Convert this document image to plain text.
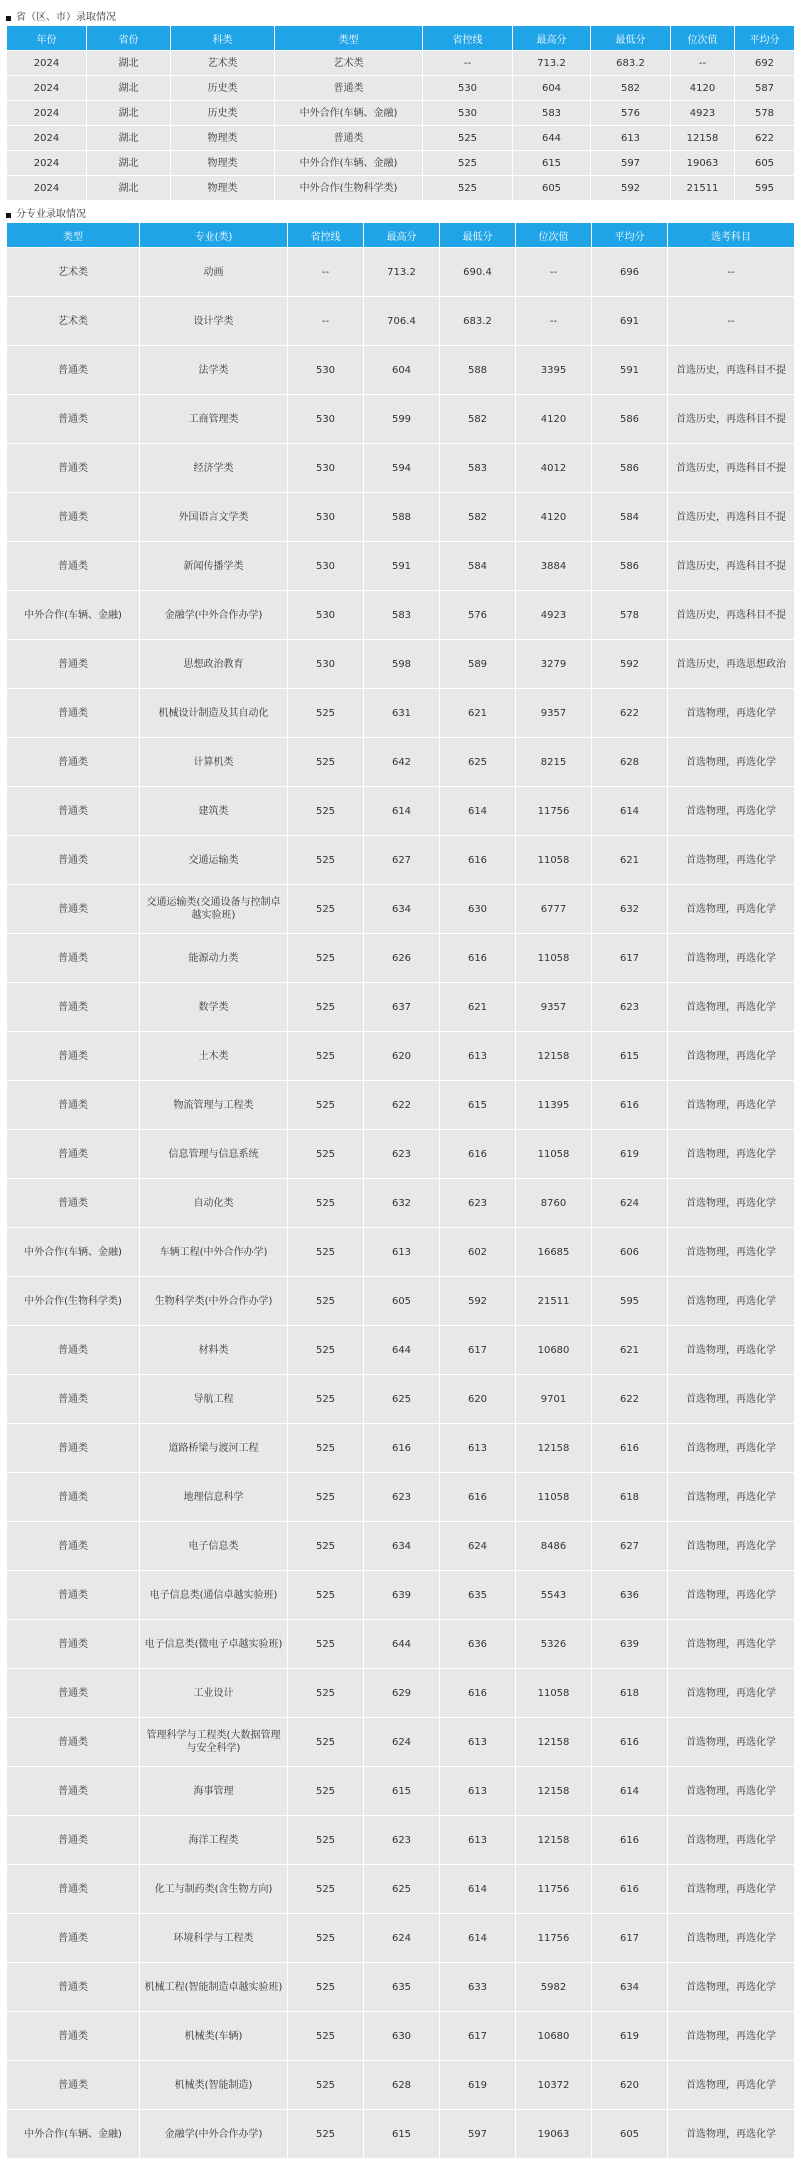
省（区、市）录取情况
年份	省份	科类	类型	省控线	最高分	最低分	位次值	平均分
2024	湖北	艺术类	艺术类	--	713.2	683.2	--	692
2024	湖北	历史类	普通类	530	604	582	4120	587
2024	湖北	历史类	中外合作(车辆、金融)	530	583	576	4923	578
2024	湖北	物理类	普通类	525	644	613	12158	622
2024	湖北	物理类	中外合作(车辆、金融)	525	615	597	19063	605
2024	湖北	物理类	中外合作(生物科学类)	525	605	592	21511	595
分专业录取情况
类型	专业(类)	省控线	最高分	最低分	位次值	平均分	选考科目
艺术类	动画	--	713.2	690.4	--	696	--
艺术类	设计学类	--	706.4	683.2	--	691	--
普通类	法学类	530	604	588	3395	591	首选历史，再选科目不提
普通类	工商管理类	530	599	582	4120	586	首选历史，再选科目不提
普通类	经济学类	530	594	583	4012	586	首选历史，再选科目不提
普通类	外国语言文学类	530	588	582	4120	584	首选历史，再选科目不提
普通类	新闻传播学类	530	591	584	3884	586	首选历史，再选科目不提
中外合作(车辆、金融)	金融学(中外合作办学)	530	583	576	4923	578	首选历史，再选科目不提
普通类	思想政治教育	530	598	589	3279	592	首选历史，再选思想政治
普通类	机械设计制造及其自动化	525	631	621	9357	622	首选物理，再选化学
普通类	计算机类	525	642	625	8215	628	首选物理，再选化学
普通类	建筑类	525	614	614	11756	614	首选物理，再选化学
普通类	交通运输类	525	627	616	11058	621	首选物理，再选化学
普通类	交通运输类(交通设备与控制卓越实验班)	525	634	630	6777	632	首选物理，再选化学
普通类	能源动力类	525	626	616	11058	617	首选物理，再选化学
普通类	数学类	525	637	621	9357	623	首选物理，再选化学
普通类	土木类	525	620	613	12158	615	首选物理，再选化学
普通类	物流管理与工程类	525	622	615	11395	616	首选物理，再选化学
普通类	信息管理与信息系统	525	623	616	11058	619	首选物理，再选化学
普通类	自动化类	525	632	623	8760	624	首选物理，再选化学
中外合作(车辆、金融)	车辆工程(中外合作办学)	525	613	602	16685	606	首选物理，再选化学
中外合作(生物科学类)	生物科学类(中外合作办学)	525	605	592	21511	595	首选物理，再选化学
普通类	材料类	525	644	617	10680	621	首选物理，再选化学
普通类	导航工程	525	625	620	9701	622	首选物理，再选化学
普通类	道路桥梁与渡河工程	525	616	613	12158	616	首选物理，再选化学
普通类	地理信息科学	525	623	616	11058	618	首选物理，再选化学
普通类	电子信息类	525	634	624	8486	627	首选物理，再选化学
普通类	电子信息类(通信卓越实验班)	525	639	635	5543	636	首选物理，再选化学
普通类	电子信息类(微电子卓越实验班)	525	644	636	5326	639	首选物理，再选化学
普通类	工业设计	525	629	616	11058	618	首选物理，再选化学
普通类	管理科学与工程类(大数据管理与安全科学)	525	624	613	12158	616	首选物理，再选化学
普通类	海事管理	525	615	613	12158	614	首选物理，再选化学
普通类	海洋工程类	525	623	613	12158	616	首选物理，再选化学
普通类	化工与制药类(含生物方向)	525	625	614	11756	616	首选物理，再选化学
普通类	环境科学与工程类	525	624	614	11756	617	首选物理，再选化学
普通类	机械工程(智能制造卓越实验班)	525	635	633	5982	634	首选物理，再选化学
普通类	机械类(车辆)	525	630	617	10680	619	首选物理，再选化学
普通类	机械类(智能制造)	525	628	619	10372	620	首选物理，再选化学
中外合作(车辆、金融)	金融学(中外合作办学)	525	615	597	19063	605	首选物理，再选化学
